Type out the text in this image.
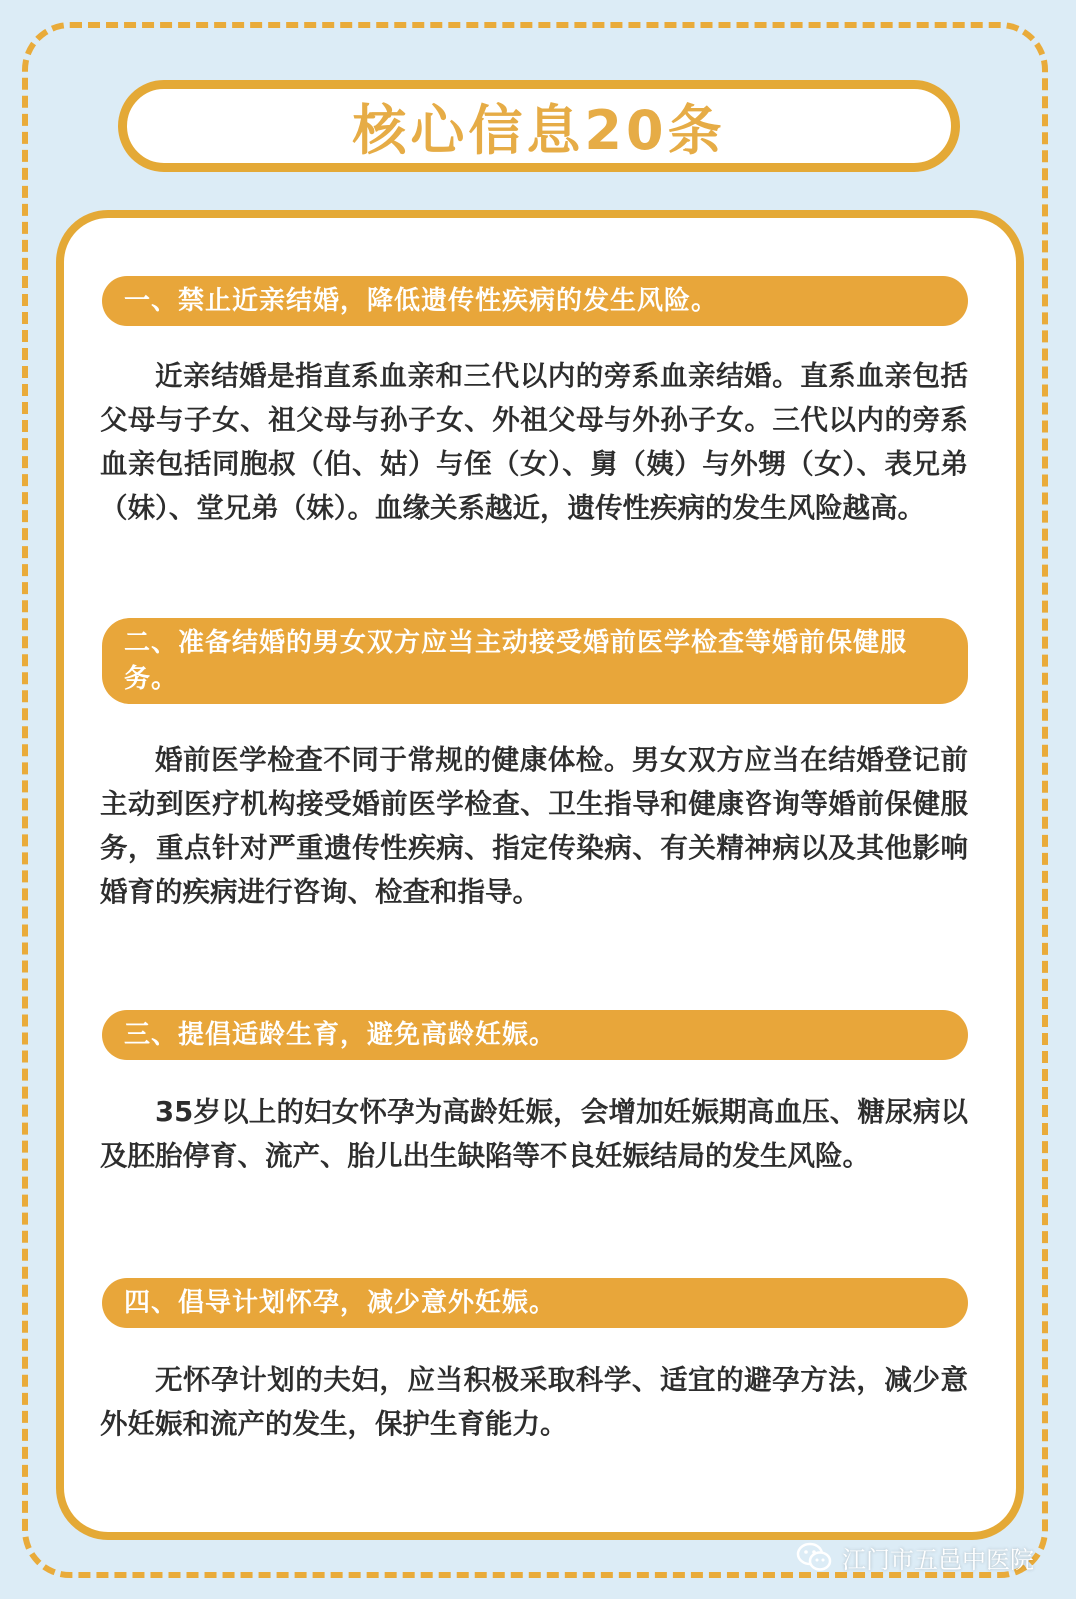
核心信息20条
一、禁止近亲结婚，降低遗传性疾病的发生风险。

近亲结婚是指直系血亲和三代以内的旁系血亲结婚。直系血亲包括父母与子女、祖父母与孙子女、外祖父母与外孙子女。三代以内的旁系血亲包括同胞叔（伯、姑）与侄（女）、舅（姨）与外甥（女）、表兄弟（妹）、堂兄弟（妹）。血缘关系越近，遗传性疾病的发生风险越高。

二、准备结婚的男女双方应当主动接受婚前医学检查等婚前保健服务。

婚前医学检查不同于常规的健康体检。男女双方应当在结婚登记前主动到医疗机构接受婚前医学检查、卫生指导和健康咨询等婚前保健服务，重点针对严重遗传性疾病、指定传染病、有关精神病以及其他影响婚育的疾病进行咨询、检查和指导。

三、提倡适龄生育，避免高龄妊娠。

35岁以上的妇女怀孕为高龄妊娠，会增加妊娠期高血压、糖尿病以及胚胎停育、流产、胎儿出生缺陷等不良妊娠结局的发生风险。

四、倡导计划怀孕，减少意外妊娠。

无怀孕计划的夫妇，应当积极采取科学、适宜的避孕方法，减少意外妊娠和流产的发生，保护生育能力。

江门市五邑中医院
